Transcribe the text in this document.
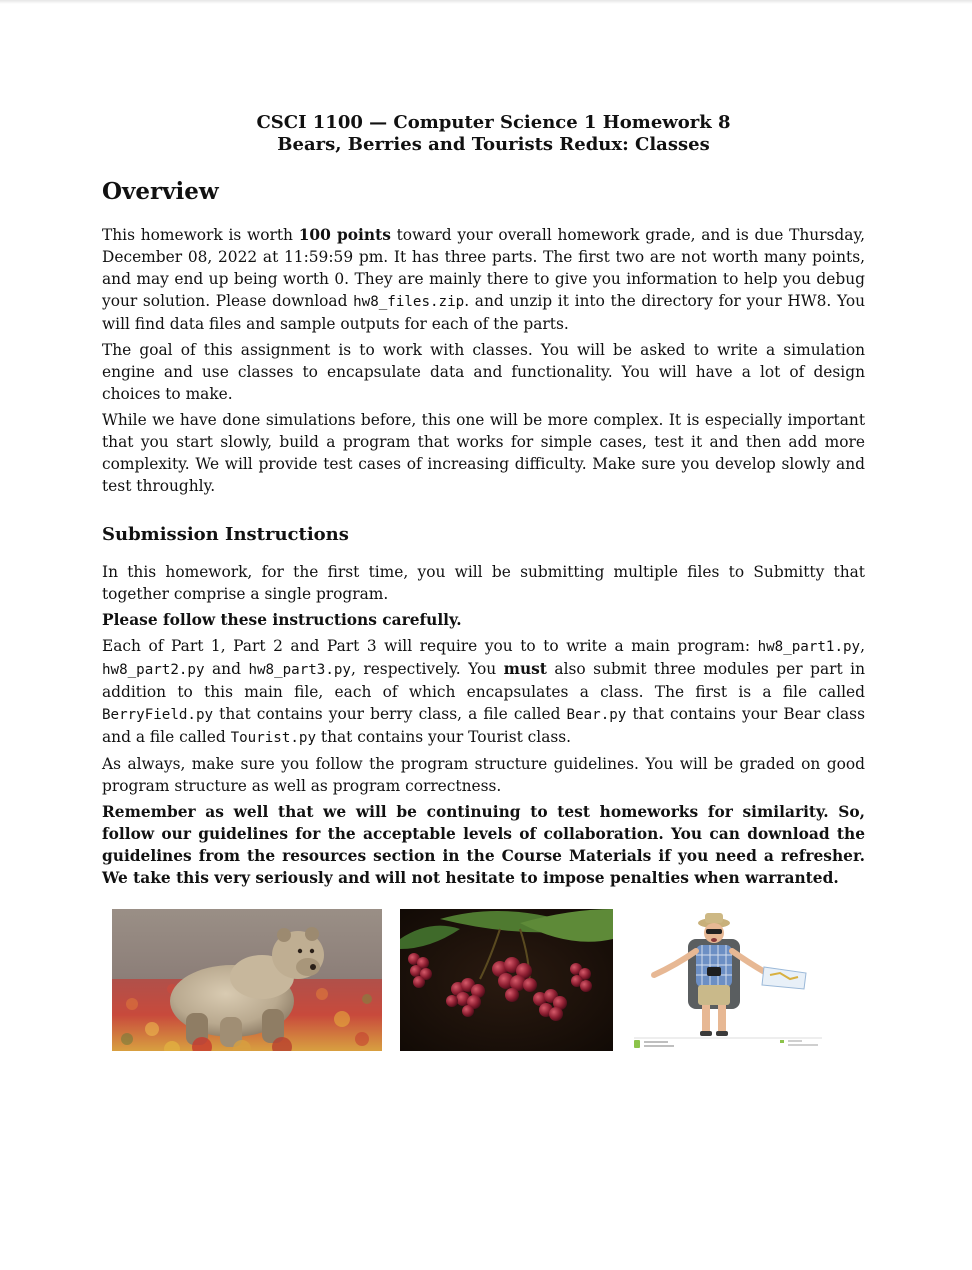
CSCI 1100 — Computer Science 1 Homework 8
Bears, Berries and Tourists Redux: Classes
Overview

This homework is worth 100 points toward your overall homework grade, and is due Thursday, December 08, 2022 at 11:59:59 pm. It has three parts. The first two are not worth many points, and may end up being worth 0. They are mainly there to give you information to help you debug your solution. Please download hw8_files.zip. and unzip it into the directory for your HW8. You will find data files and sample outputs for each of the parts.

The goal of this assignment is to work with classes. You will be asked to write a simulation engine and use classes to encapsulate data and functionality. You will have a lot of design choices to make.

While we have done simulations before, this one will be more complex. It is especially important that you start slowly, build a program that works for simple cases, test it and then add more complexity. We will provide test cases of increasing difficulty. Make sure you develop slowly and test throughly.

Submission Instructions

In this homework, for the first time, you will be submitting multiple files to Submitty that together comprise a single program.

Please follow these instructions carefully.

Each of Part 1, Part 2 and Part 3 will require you to to write a main program: hw8_part1.py, hw8_part2.py and hw8_part3.py, respectively. You must also submit three modules per part in addition to this main file, each of which encapsulates a class. The first is a file called BerryField.py that contains your berry class, a file called Bear.py that contains your Bear class and a file called Tourist.py that contains your Tourist class.

As always, make sure you follow the program structure guidelines. You will be graded on good program structure as well as program correctness.

Remember as well that we will be continuing to test homeworks for similarity. So, follow our guidelines for the acceptable levels of collaboration. You can download the guidelines from the resources section in the Course Materials if you need a refresher. We take this very seriously and will not hesitate to impose penalties when warranted.
